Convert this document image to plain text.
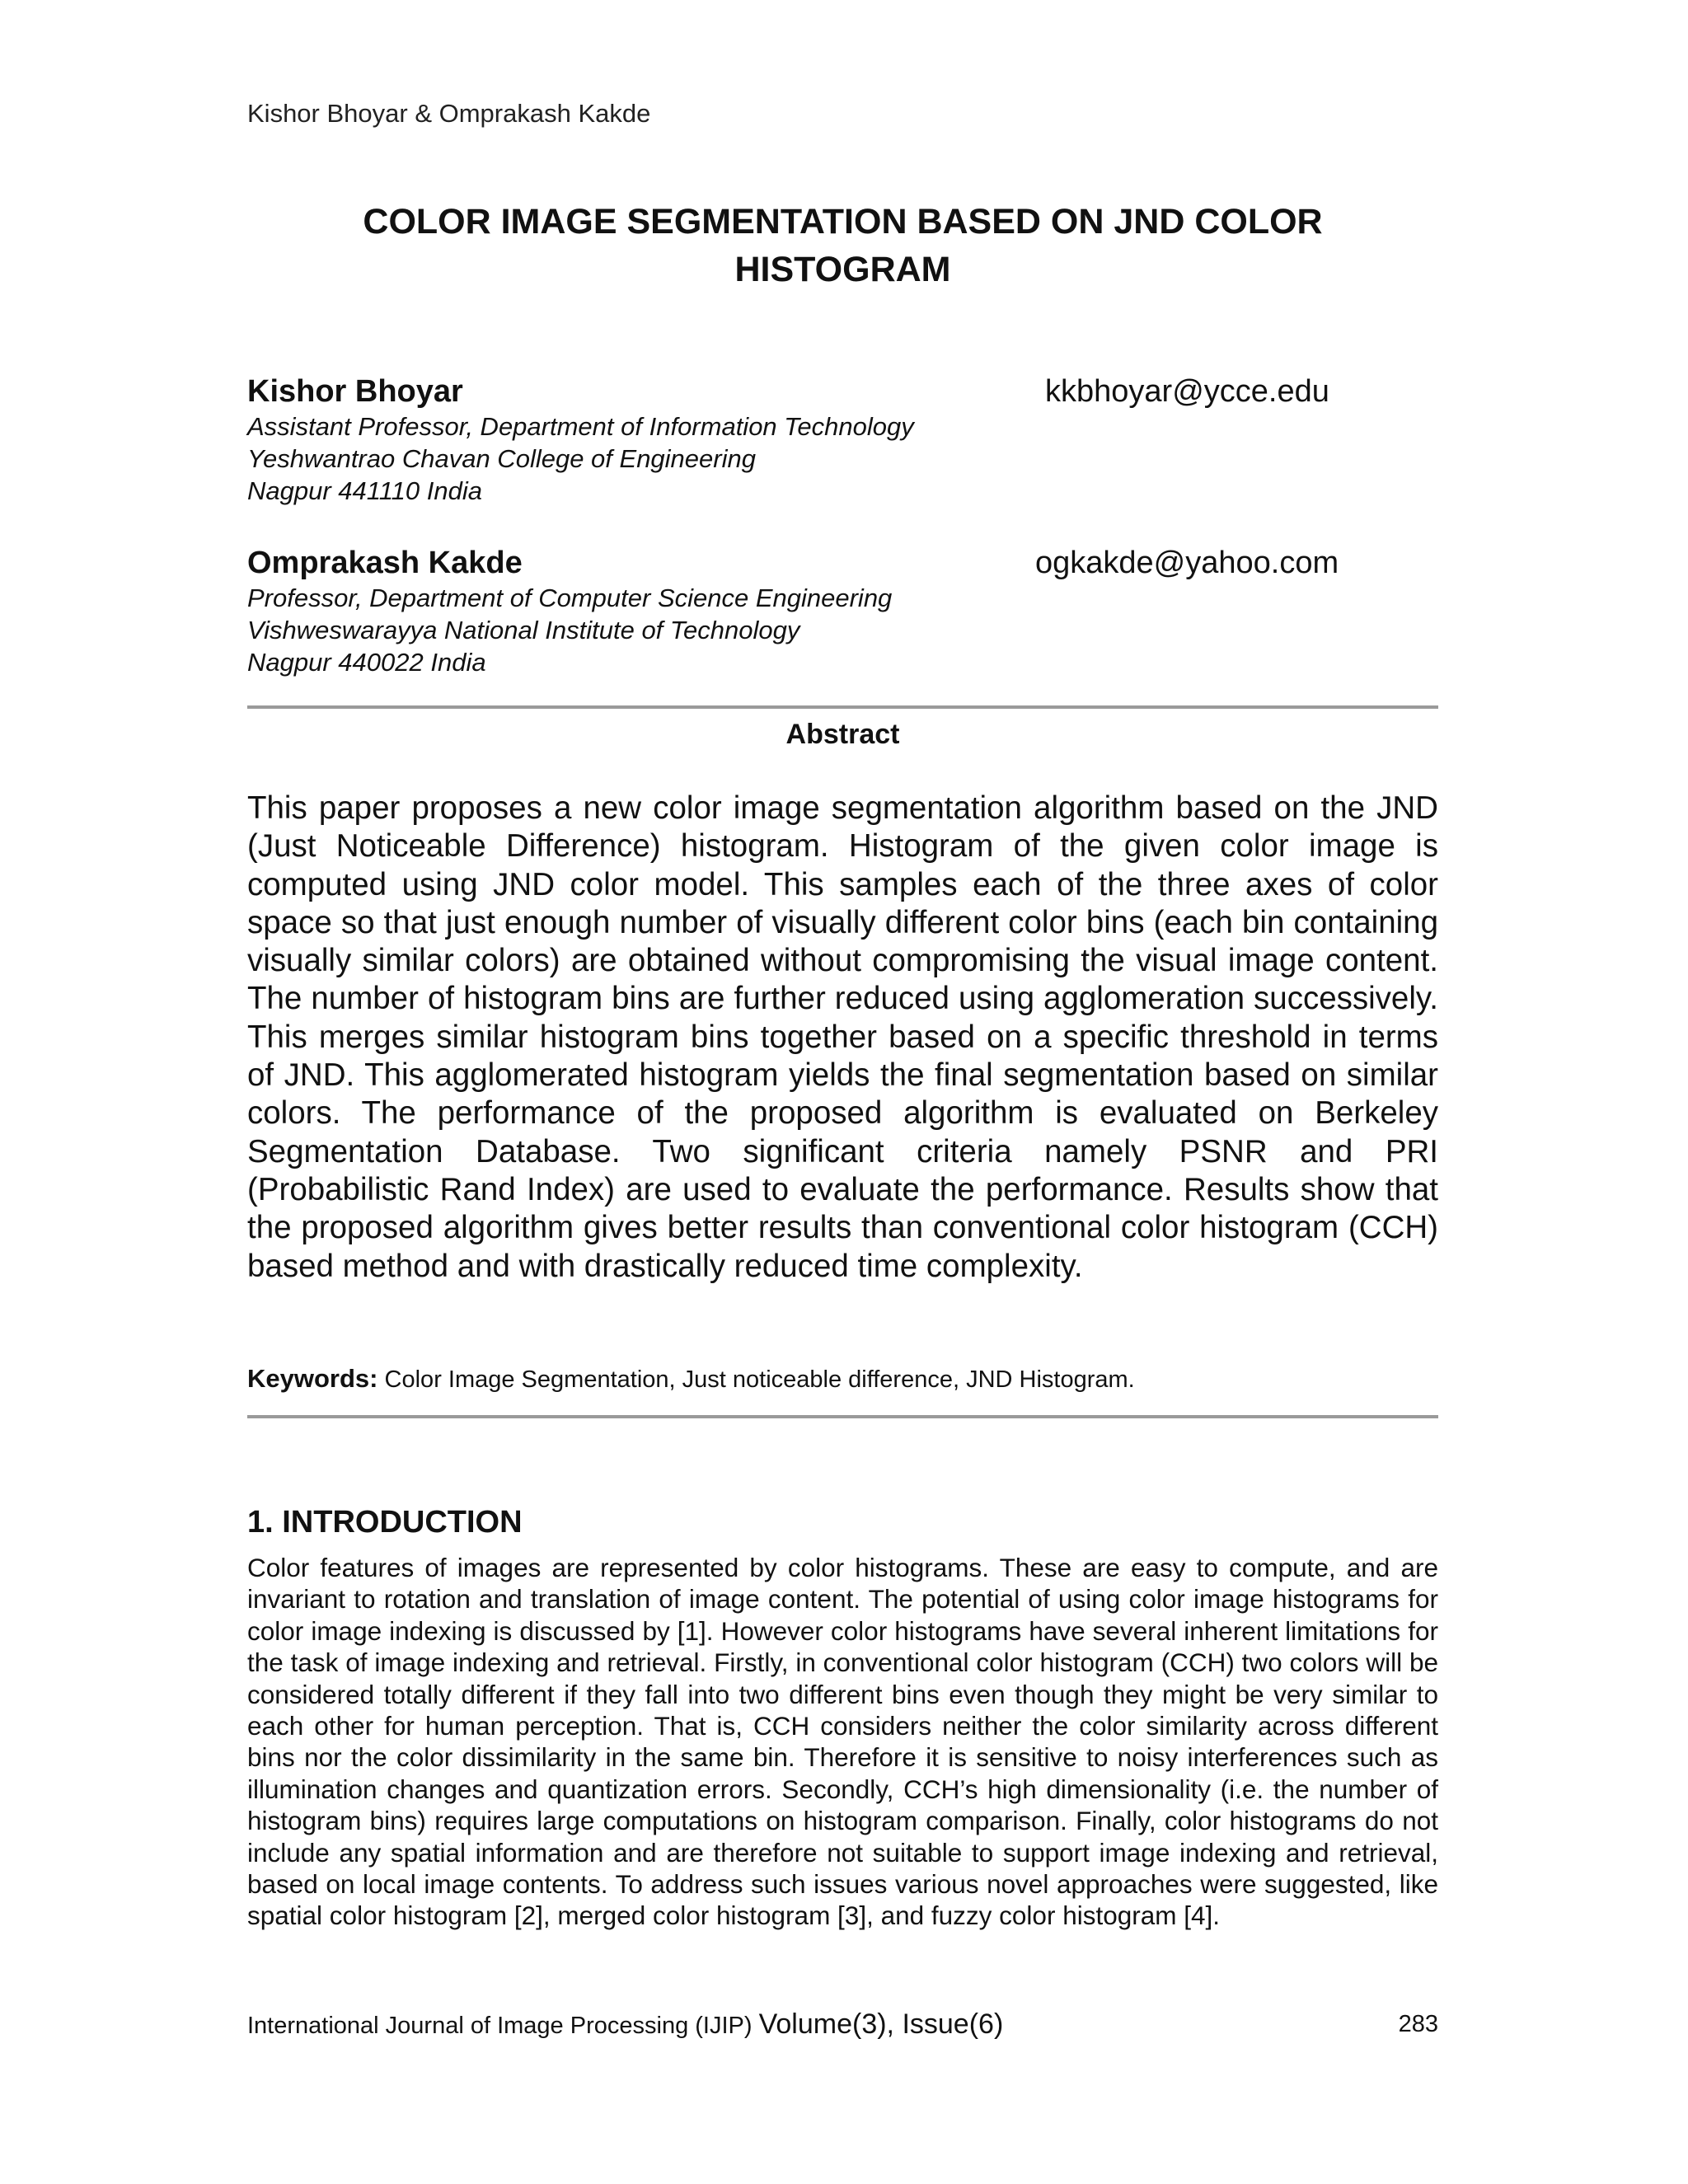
Kishor Bhoyar & Omprakash Kakde
COLOR IMAGE SEGMENTATION BASED ON JND COLOR
HISTOGRAM
Kishor Bhoyar
Assistant Professor, Department of Information Technology
Yeshwantrao Chavan College of Engineering
Nagpur 441110 India
kkbhoyar@ycce.edu
Omprakash Kakde
Professor, Department of Computer Science Engineering
Vishweswarayya National Institute of Technology
Nagpur 440022 India
ogkakde@yahoo.com
Abstract
This paper proposes a new color image segmentation algorithm based on the JND (Just Noticeable Difference) histogram. Histogram of the given color image is computed using JND color model. This samples each of the three axes of color space so that just enough number of visually different color bins (each bin containing visually similar colors) are obtained without compromising the visual image content. The number of histogram bins are further reduced using agglomeration successively. This merges similar histogram bins together based on a specific threshold in terms of JND. This agglomerated histogram yields the final segmentation based on similar colors. The performance of the proposed algorithm is evaluated on Berkeley Segmentation Database. Two significant criteria namely PSNR and PRI (Probabilistic Rand Index) are used to evaluate the performance. Results show that the proposed algorithm gives better results than conventional color histogram (CCH) based method and with drastically reduced time complexity.
Keywords: Color Image Segmentation, Just noticeable difference, JND Histogram.
1. INTRODUCTION
Color features of images are represented by color histograms. These are easy to compute, and are invariant to rotation and translation of image content. The potential of using color image histograms for color image indexing is discussed by [1]. However color histograms have several inherent limitations for the task of image indexing and retrieval. Firstly, in conventional color histogram (CCH) two colors will be considered totally different if they fall into two different bins even though they might be very similar to each other for human perception. That is, CCH considers neither the color similarity across different bins nor the color dissimilarity in the same bin. Therefore it is sensitive to noisy interferences such as illumination changes and quantization errors. Secondly, CCH’s high dimensionality (i.e. the number of histogram bins) requires large computations on histogram comparison. Finally, color histograms do not include any spatial information and are therefore not suitable to support image indexing and retrieval, based on local image contents. To address such issues various novel approaches were suggested, like spatial color histogram [2], merged color histogram [3], and fuzzy color histogram [4].
International Journal of Image Processing (IJIP) Volume(3), Issue(6)	283
